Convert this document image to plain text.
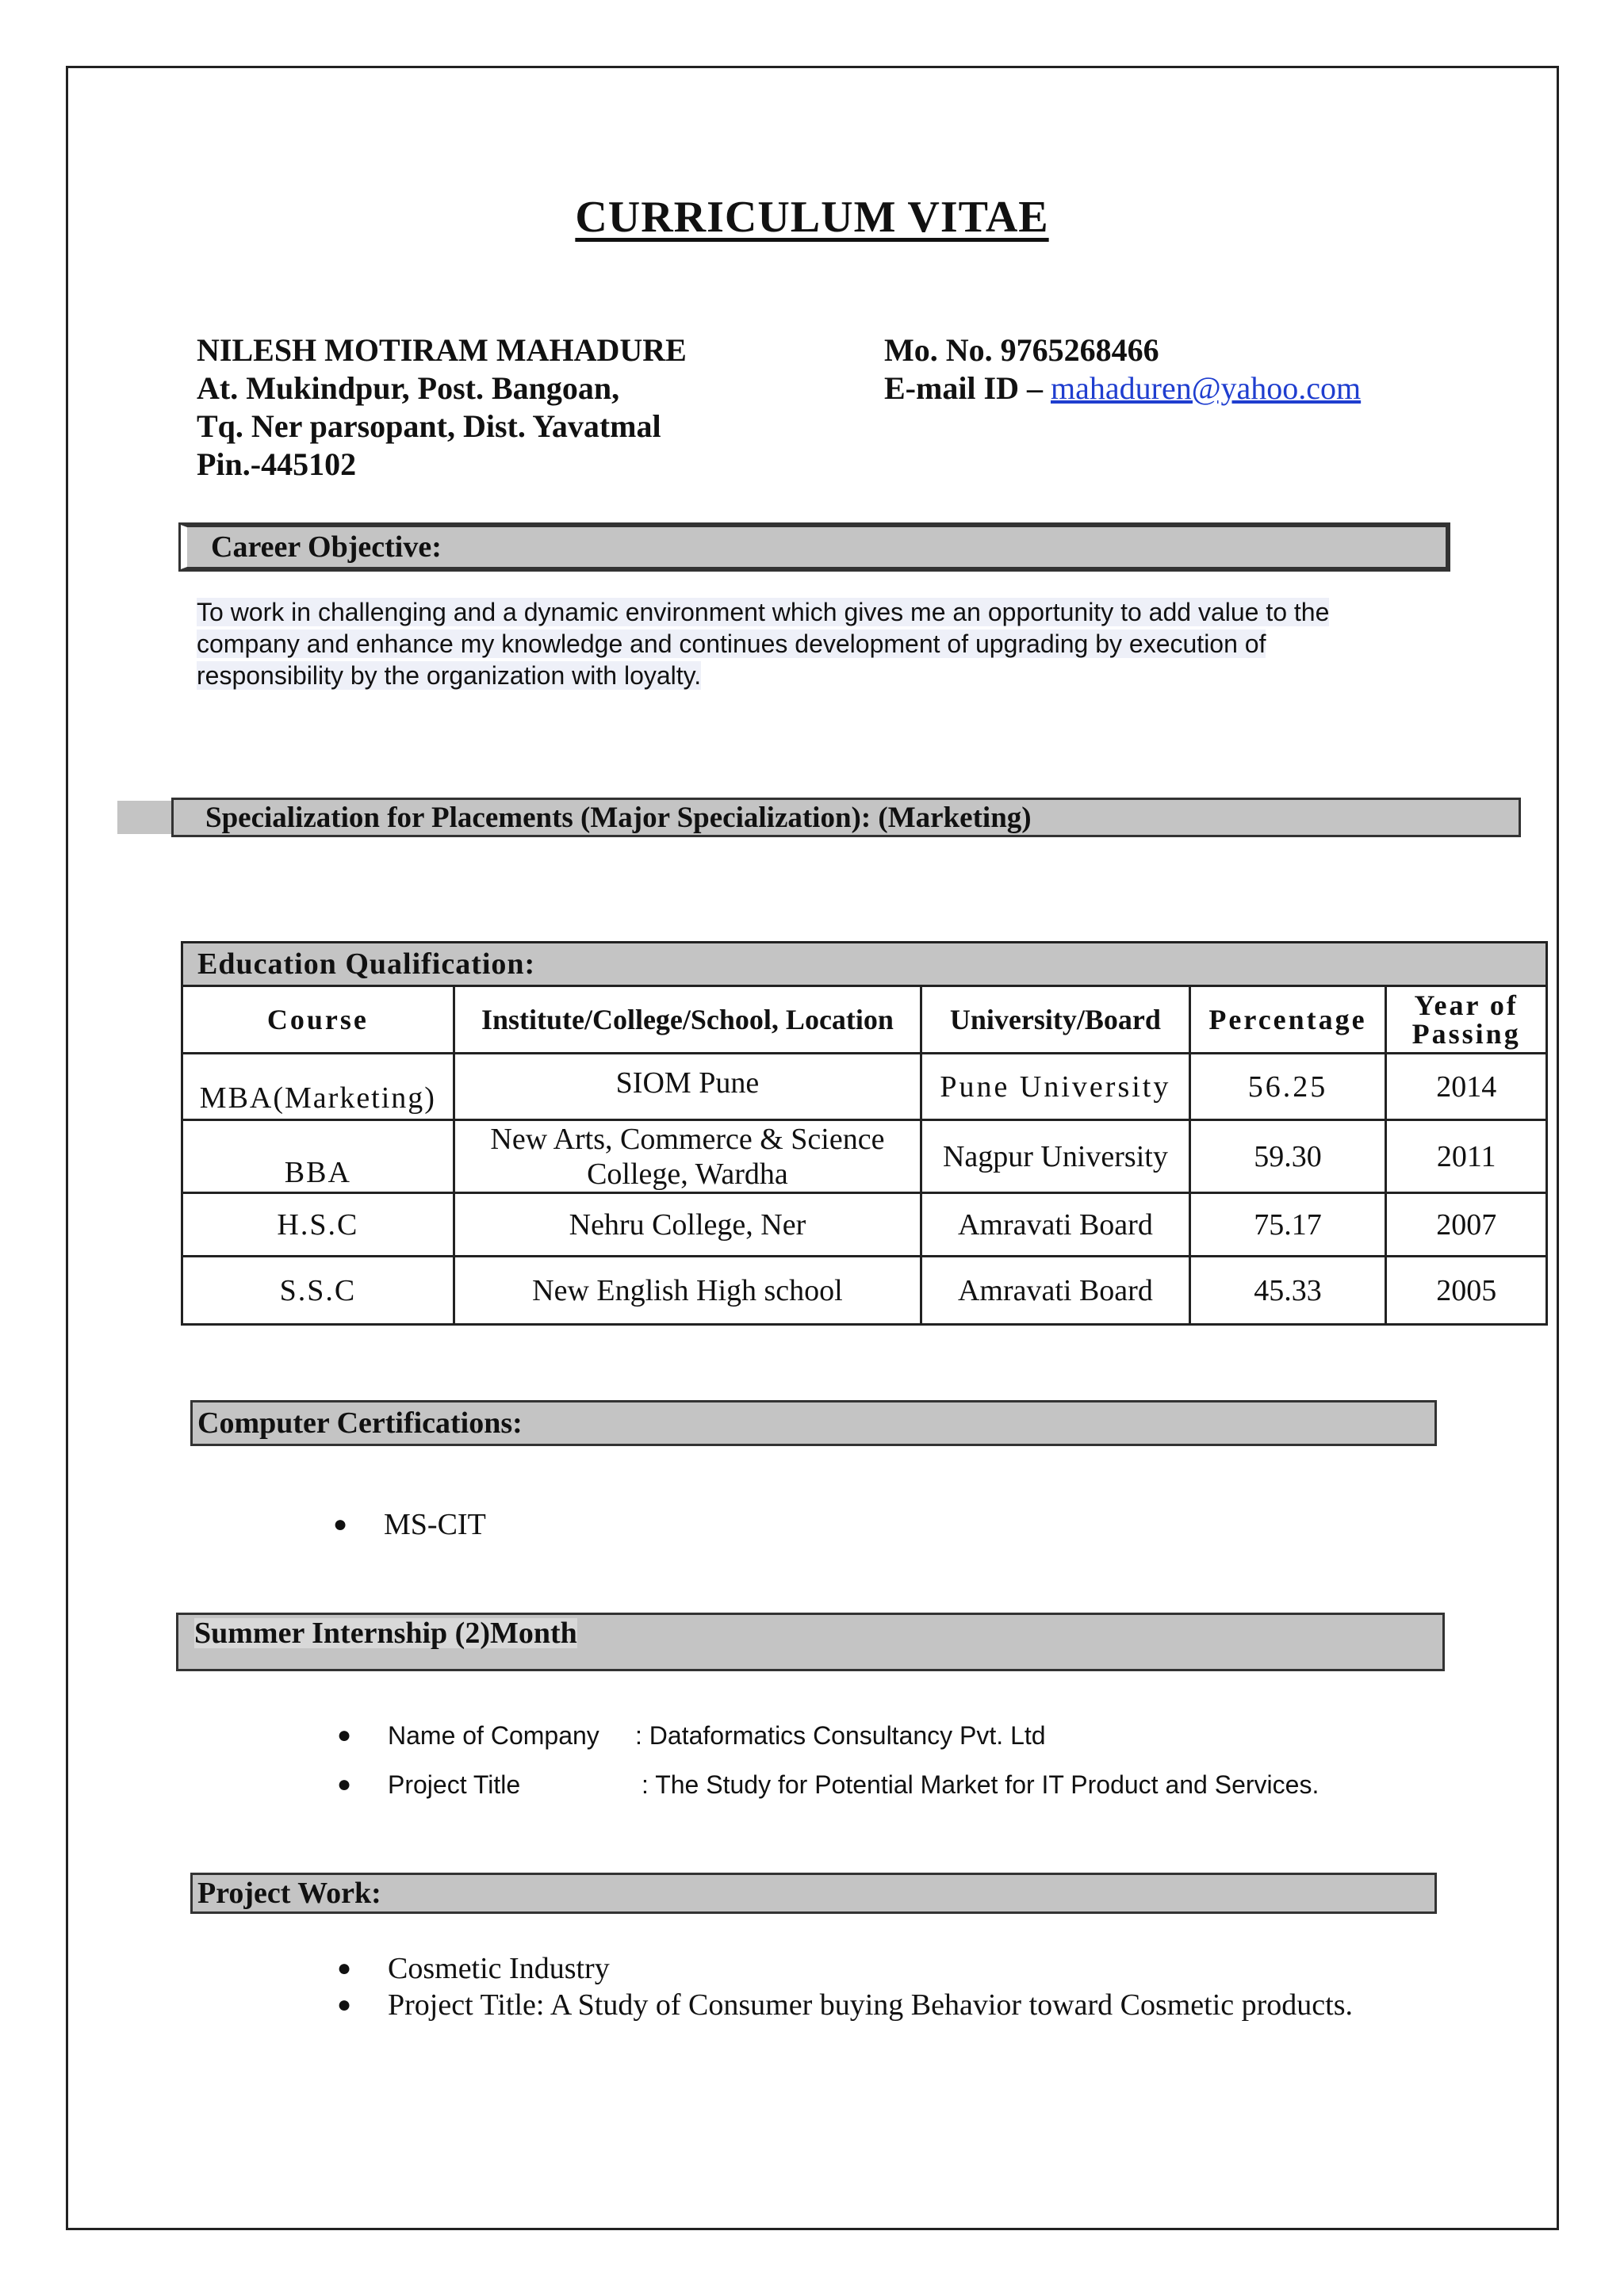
CURRICULUM VITAE
NILESH MOTIRAM MAHADURE
At. Mukindpur, Post. Bangoan,
Tq. Ner parsopant, Dist. Yavatmal
Pin.-445102
Mo. No. 9765268466
E-mail ID – mahaduren@yahoo.com
Career Objective:
To work in challenging and a dynamic environment which gives me an opportunity to add value to the
company and enhance my knowledge and continues development of upgrading by execution of
responsibility by the organization with loyalty.
Specialization for Placements (Major Specialization): (Marketing)
Education Qualification:				
Course	Institute/College/School, Location	University/Board	Percentage	Year of Passing
MBA(Marketing)	SIOM Pune	Pune University	56.25	2014
BBA	New Arts, Commerce & Science
College, Wardha	Nagpur University	59.30	2011
H.S.C	Nehru College, Ner	Amravati Board	75.17	2007
S.S.C	New English High school	Amravati Board	45.33	2005
Computer Certifications:
●	MS-CIT
Summer Internship (2)Month
●	Name of Company	: Dataformatics Consultancy Pvt. Ltd
●	Project Title	: The Study for Potential Market for IT Product and Services.
Project Work:
●	Cosmetic Industry
●	Project Title: A Study of Consumer buying Behavior toward Cosmetic products.
